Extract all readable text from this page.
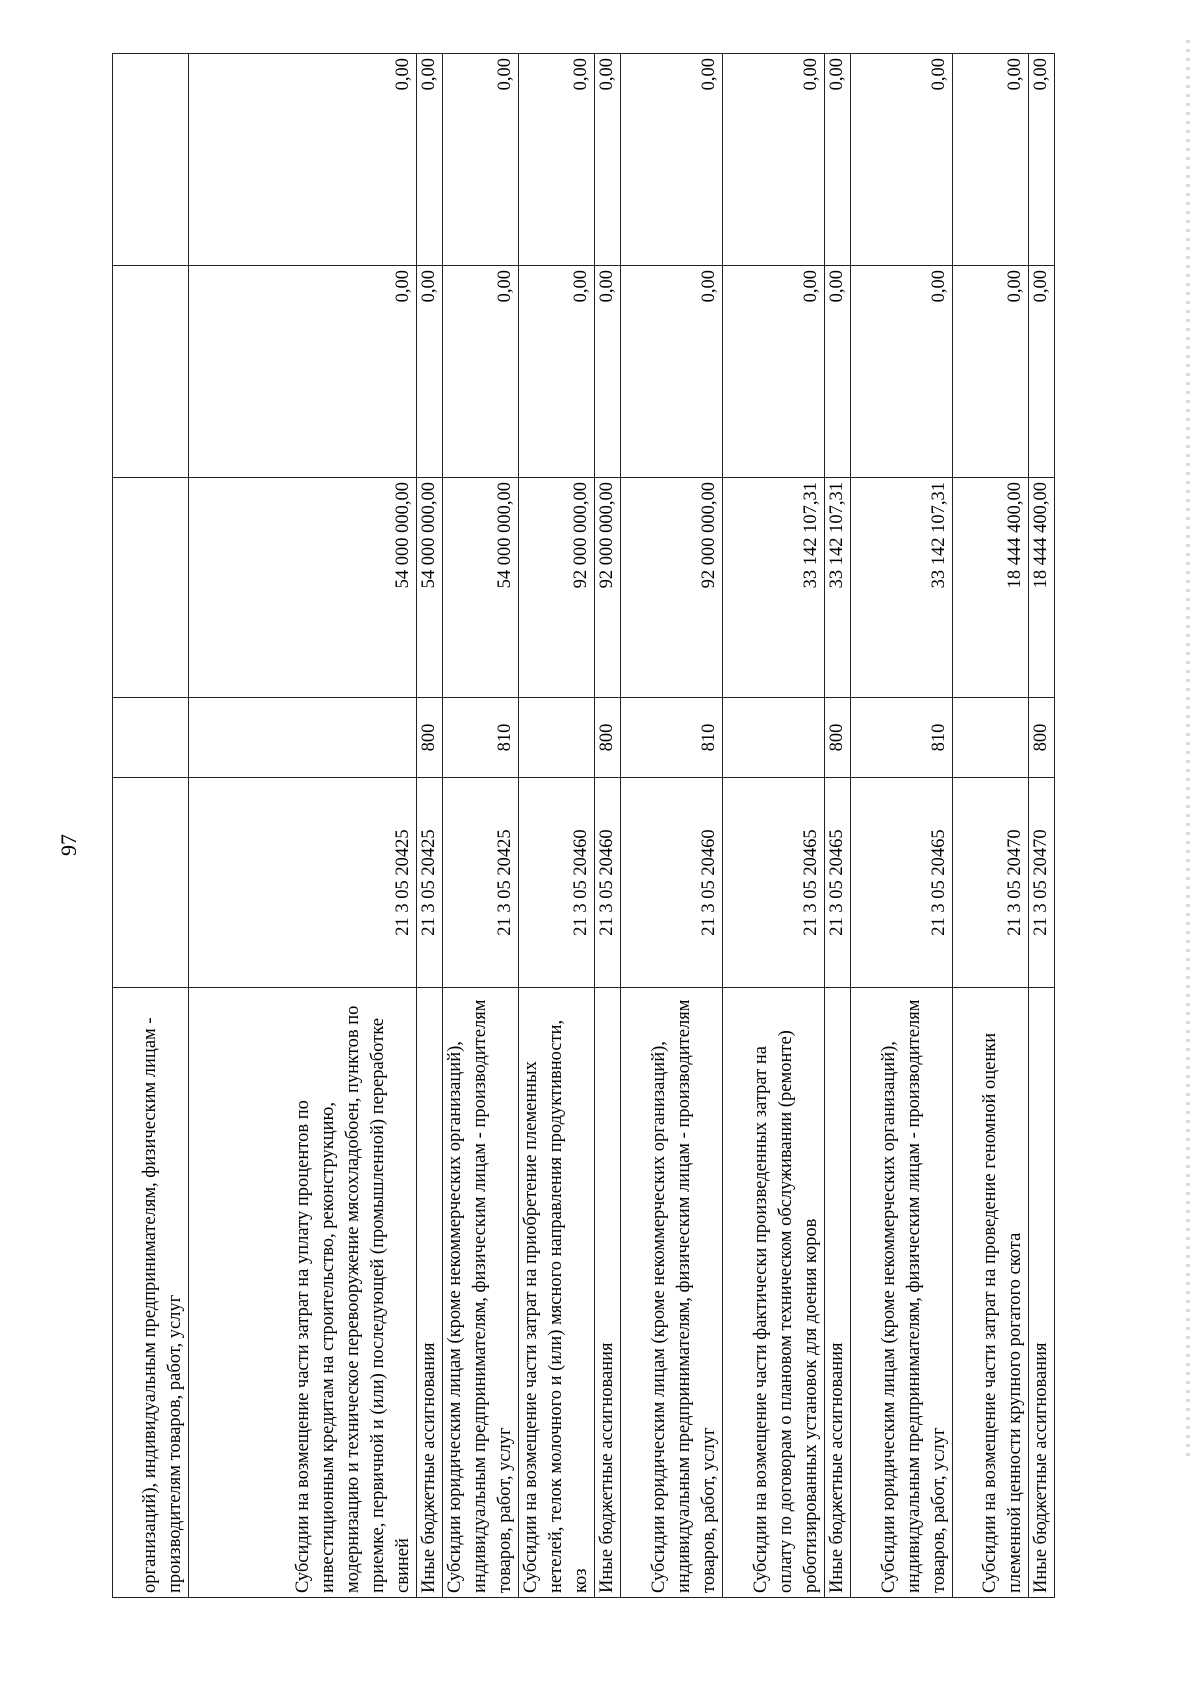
97
организаций), индивидуальным предпринимателям, физическим лицам - производителям товаров, работ, услуг					
Субсидии на возмещение части затрат на уплату процентов по инвестиционным кредитам на строительство, реконструкцию, модернизацию и техническое перевооружение мясохладобоен, пунктов по приемке, первичной и (или) последующей (промышленной) переработке свиней	21 3 05 20425		54 000 000,00	0,00	0,00
Иные бюджетные ассигнования	21 3 05 20425	800	54 000 000,00	0,00	0,00
Субсидии юридическим лицам (кроме некоммерческих организаций), индивидуальным предпринимателям, физическим лицам - производителям товаров, работ, услуг	21 3 05 20425	810	54 000 000,00	0,00	0,00
Субсидии на возмещение части затрат на приобретение племенных нетелей, телок молочного и (или) мясного направления продуктивности, коз	21 3 05 20460		92 000 000,00	0,00	0,00
Иные бюджетные ассигнования	21 3 05 20460	800	92 000 000,00	0,00	0,00
Субсидии юридическим лицам (кроме некоммерческих организаций), индивидуальным предпринимателям, физическим лицам - производителям товаров, работ, услуг	21 3 05 20460	810	92 000 000,00	0,00	0,00
Субсидии на возмещение части фактически произведенных затрат на оплату по договорам о плановом техническом обслуживании (ремонте) роботизированных установок для доения коров	21 3 05 20465		33 142 107,31	0,00	0,00
Иные бюджетные ассигнования	21 3 05 20465	800	33 142 107,31	0,00	0,00
Субсидии юридическим лицам (кроме некоммерческих организаций), индивидуальным предпринимателям, физическим лицам - производителям товаров, работ, услуг	21 3 05 20465	810	33 142 107,31	0,00	0,00
Субсидии на возмещение части затрат на проведение геномной оценки племенной ценности крупного рогатого скота	21 3 05 20470		18 444 400,00	0,00	0,00
Иные бюджетные ассигнования	21 3 05 20470	800	18 444 400,00	0,00	0,00
